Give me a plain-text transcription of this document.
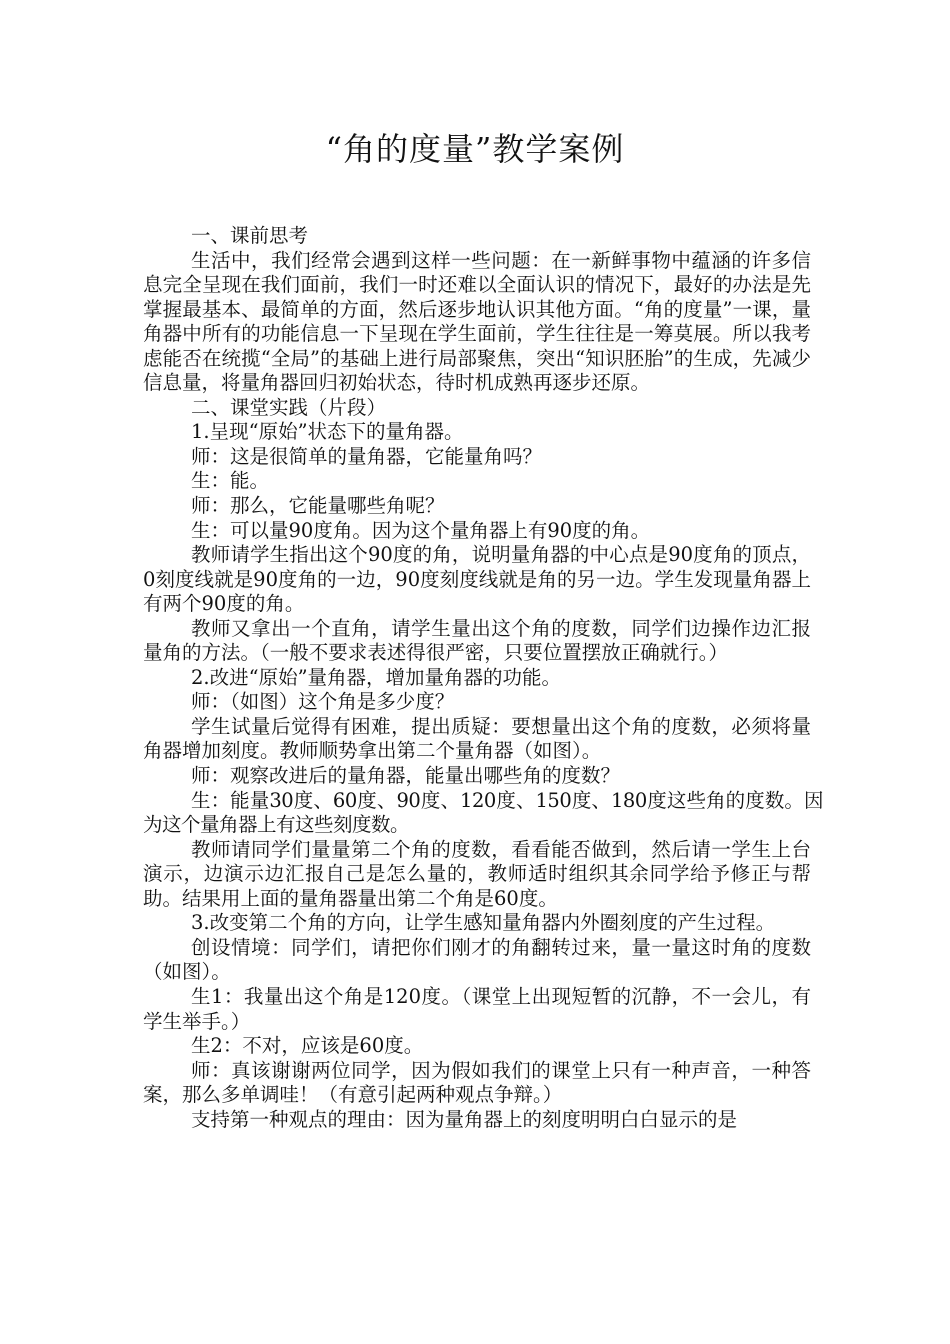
“角的度量”教学案例

一、课前思考

生活中，我们经常会遇到这样一些问题：在一新鲜事物中蕴涵的许多信息完全呈现在我们面前，我们一时还难以全面认识的情况下，最好的办法是先掌握最基本、最简单的方面，然后逐步地认识其他方面。“角的度量”一课，量角器中所有的功能信息一下呈现在学生面前，学生往往是一筹莫展。所以我考虑能否在统揽“全局”的基础上进行局部聚焦，突出“知识胚胎”的生成，先减少信息量，将量角器回归初始状态，待时机成熟再逐步还原。

二、课堂实践（片段）

1.呈现“原始”状态下的量角器。

师：这是很简单的量角器，它能量角吗？

生：能。

师：那么，它能量哪些角呢？

生：可以量90度角。因为这个量角器上有90度的角。

教师请学生指出这个90度的角，说明量角器的中心点是90度角的顶点，0刻度线就是90度角的一边，90度刻度线就是角的另一边。学生发现量角器上有两个90度的角。

教师又拿出一个直角，请学生量出这个角的度数，同学们边操作边汇报量角的方法。（一般不要求表述得很严密，只要位置摆放正确就行。）

2.改进“原始”量角器，增加量角器的功能。

师：（如图）这个角是多少度？

学生试量后觉得有困难，提出质疑：要想量出这个角的度数，必须将量角器增加刻度。教师顺势拿出第二个量角器（如图）。

师：观察改进后的量角器，能量出哪些角的度数？

生：能量30度、60度、90度、120度、150度、180度这些角的度数。因为这个量角器上有这些刻度数。

教师请同学们量量第二个角的度数，看看能否做到，然后请一学生上台演示，边演示边汇报自己是怎么量的，教师适时组织其余同学给予修正与帮助。结果用上面的量角器量出第二个角是60度。

3.改变第二个角的方向，让学生感知量角器内外圈刻度的产生过程。

创设情境：同学们，请把你们刚才的角翻转过来，量一量这时角的度数（如图）。

生1：我量出这个角是120度。（课堂上出现短暂的沉静，不一会儿，有学生举手。）

生2：不对，应该是60度。

师：真该谢谢两位同学，因为假如我们的课堂上只有一种声音，一种答案，那么多单调哇！（有意引起两种观点争辩。）

支持第一种观点的理由：因为量角器上的刻度明明白白显示的是
